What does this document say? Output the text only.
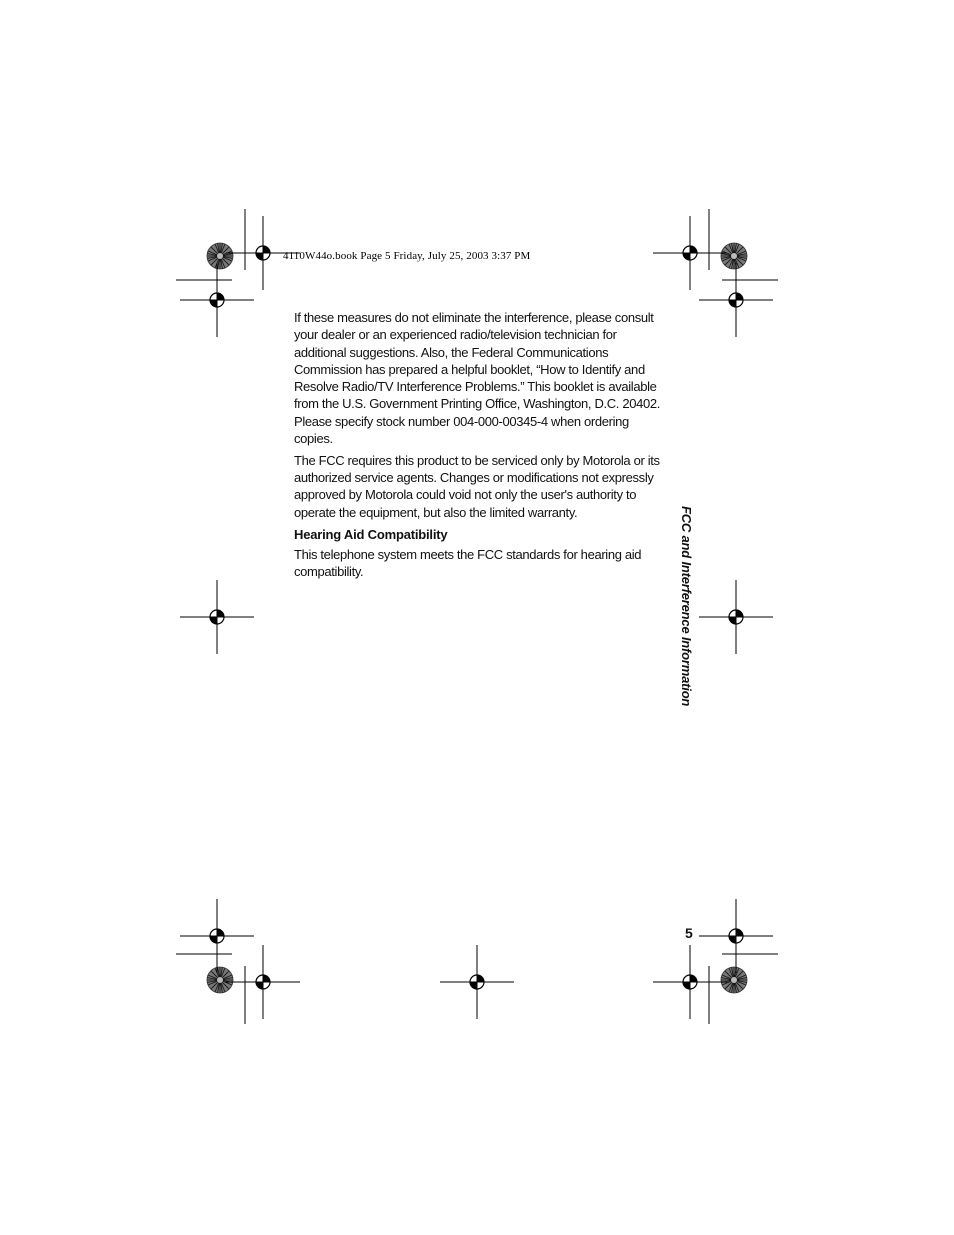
4110W44o.book Page 5 Friday, July 25, 2003 3:37 PM

If these measures do not eliminate the interference, please consult your dealer or an experienced radio/television technician for additional suggestions. Also, the Federal Communications Commission has prepared a helpful booklet, “How to Identify and Resolve Radio/TV Interference Problems.” This booklet is available from the U.S. Government Printing Office, Washington, D.C. 20402. Please specify stock number 004-000-00345-4 when ordering copies.

The FCC requires this product to be serviced only by Motorola or its authorized service agents. Changes or modifications not expressly approved by Motorola could void not only the user's authority to operate the equipment, but also the limited warranty.

Hearing Aid Compatibility

This telephone system meets the FCC standards for hearing aid compatibility.	FCC and Interference Information
5
